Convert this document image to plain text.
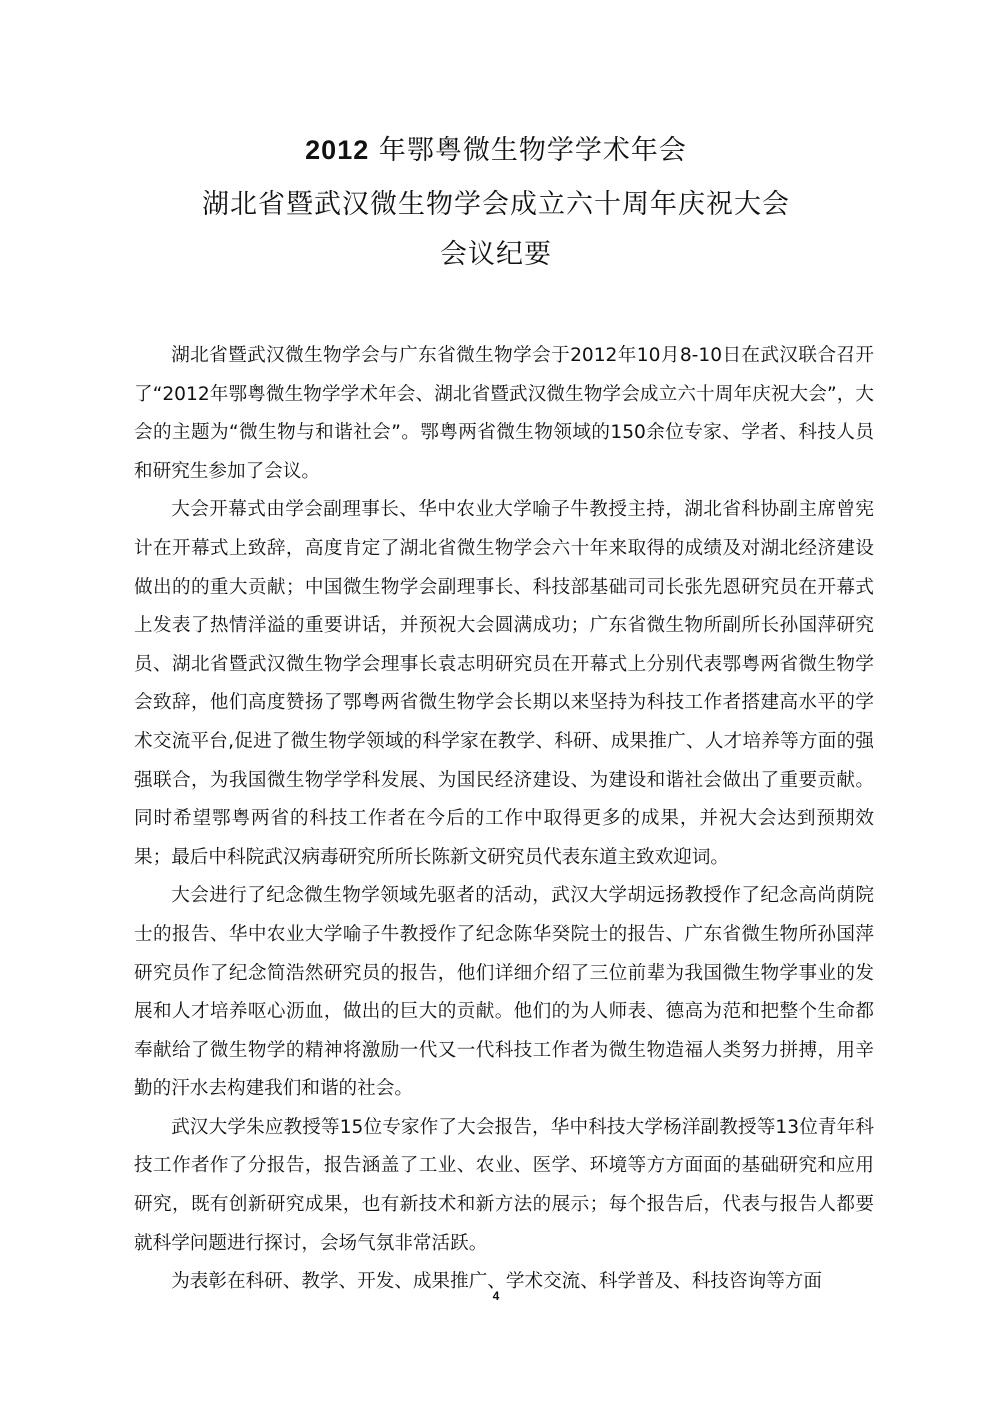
2012 年鄂粤微生物学学术年会
湖北省暨武汉微生物学会成立六十周年庆祝大会
会议纪要

湖北省暨武汉微生物学会与广东省微生物学会于2012年10月8-10日在武汉联合召开了“2012年鄂粤微生物学学术年会、湖北省暨武汉微生物学会成立六十周年庆祝大会”，大会的主题为“微生物与和谐社会”。鄂粤两省微生物领域的150余位专家、学者、科技人员和研究生参加了会议。

大会开幕式由学会副理事长、华中农业大学喻子牛教授主持，湖北省科协副主席曾宪计在开幕式上致辞，高度肯定了湖北省微生物学会六十年来取得的成绩及对湖北经济建设做出的的重大贡献；中国微生物学会副理事长、科技部基础司司长张先恩研究员在开幕式上发表了热情洋溢的重要讲话，并预祝大会圆满成功；广东省微生物所副所长孙国萍研究员、湖北省暨武汉微生物学会理事长袁志明研究员在开幕式上分别代表鄂粤两省微生物学会致辞，他们高度赞扬了鄂粤两省微生物学会长期以来坚持为科技工作者搭建高水平的学术交流平台,促进了微生物学领域的科学家在教学、科研、成果推广、人才培养等方面的强强联合，为我国微生物学学科发展、为国民经济建设、为建设和谐社会做出了重要贡献。同时希望鄂粤两省的科技工作者在今后的工作中取得更多的成果，并祝大会达到预期效果；最后中科院武汉病毒研究所所长陈新文研究员代表东道主致欢迎词。

大会进行了纪念微生物学领域先驱者的活动，武汉大学胡远扬教授作了纪念高尚荫院士的报告、华中农业大学喻子牛教授作了纪念陈华癸院士的报告、广东省微生物所孙国萍研究员作了纪念简浩然研究员的报告，他们详细介绍了三位前辈为我国微生物学事业的发展和人才培养呕心沥血，做出的巨大的贡献。他们的为人师表、德高为范和把整个生命都奉献给了微生物学的精神将激励一代又一代科技工作者为微生物造福人类努力拼搏，用辛勤的汗水去构建我们和谐的社会。

武汉大学朱应教授等15位专家作了大会报告，华中科技大学杨洋副教授等13位青年科技工作者作了分报告，报告涵盖了工业、农业、医学、环境等方方面面的基础研究和应用研究，既有创新研究成果，也有新技术和新方法的展示；每个报告后，代表与报告人都要就科学问题进行探讨，会场气氛非常活跃。

为表彰在科研、教学、开发、成果推广、学术交流、科学普及、科技咨询等方面

4
